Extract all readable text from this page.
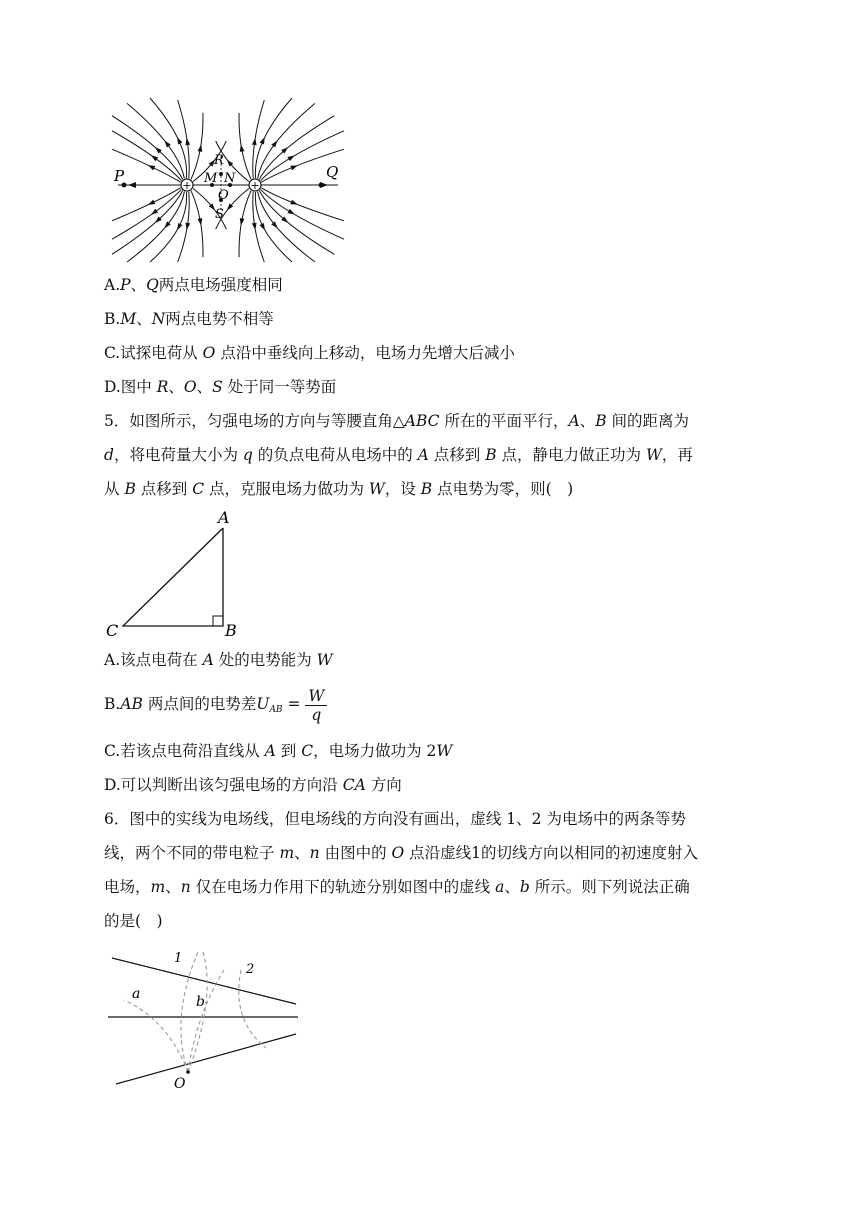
+	+
P	Q
R
M N
O
S
A.P、Q两点电场强度相同
B.M、N两点电势不相等
C.试探电荷从 O 点沿中垂线向上移动，电场力先增大后减小
D.图中 R、O、S 处于同一等势面
5．如图所示，匀强电场的方向与等腰直角△ABC 所在的平面平行，A、B 间的距离为
d，将电荷量大小为 q 的负点电荷从电场中的 A 点移到 B 点，静电力做正功为 W，再
从 B 点移到 C 点，克服电场力做功为 W，设 B 点电势为零，则(　)
A
C	B
A.该点电荷在 A 处的电势能为 W
B.AB 两点间的电势差$U_{AB} = \frac{W}{q}$
C.若该点电荷沿直线从 A 到 C，电场力做功为 2W
D.可以判断出该匀强电场的方向沿 CA 方向
6．图中的实线为电场线，但电场线的方向没有画出，虚线 1、2 为电场中的两条等势
线，两个不同的带电粒子 m、n 由图中的 O 点沿虚线1的切线方向以相同的初速度射入
电场，m、n 仅在电场力作用下的轨迹分别如图中的虚线 a、b 所示。则下列说法正确
的是(　)
1
2
a	b
O
